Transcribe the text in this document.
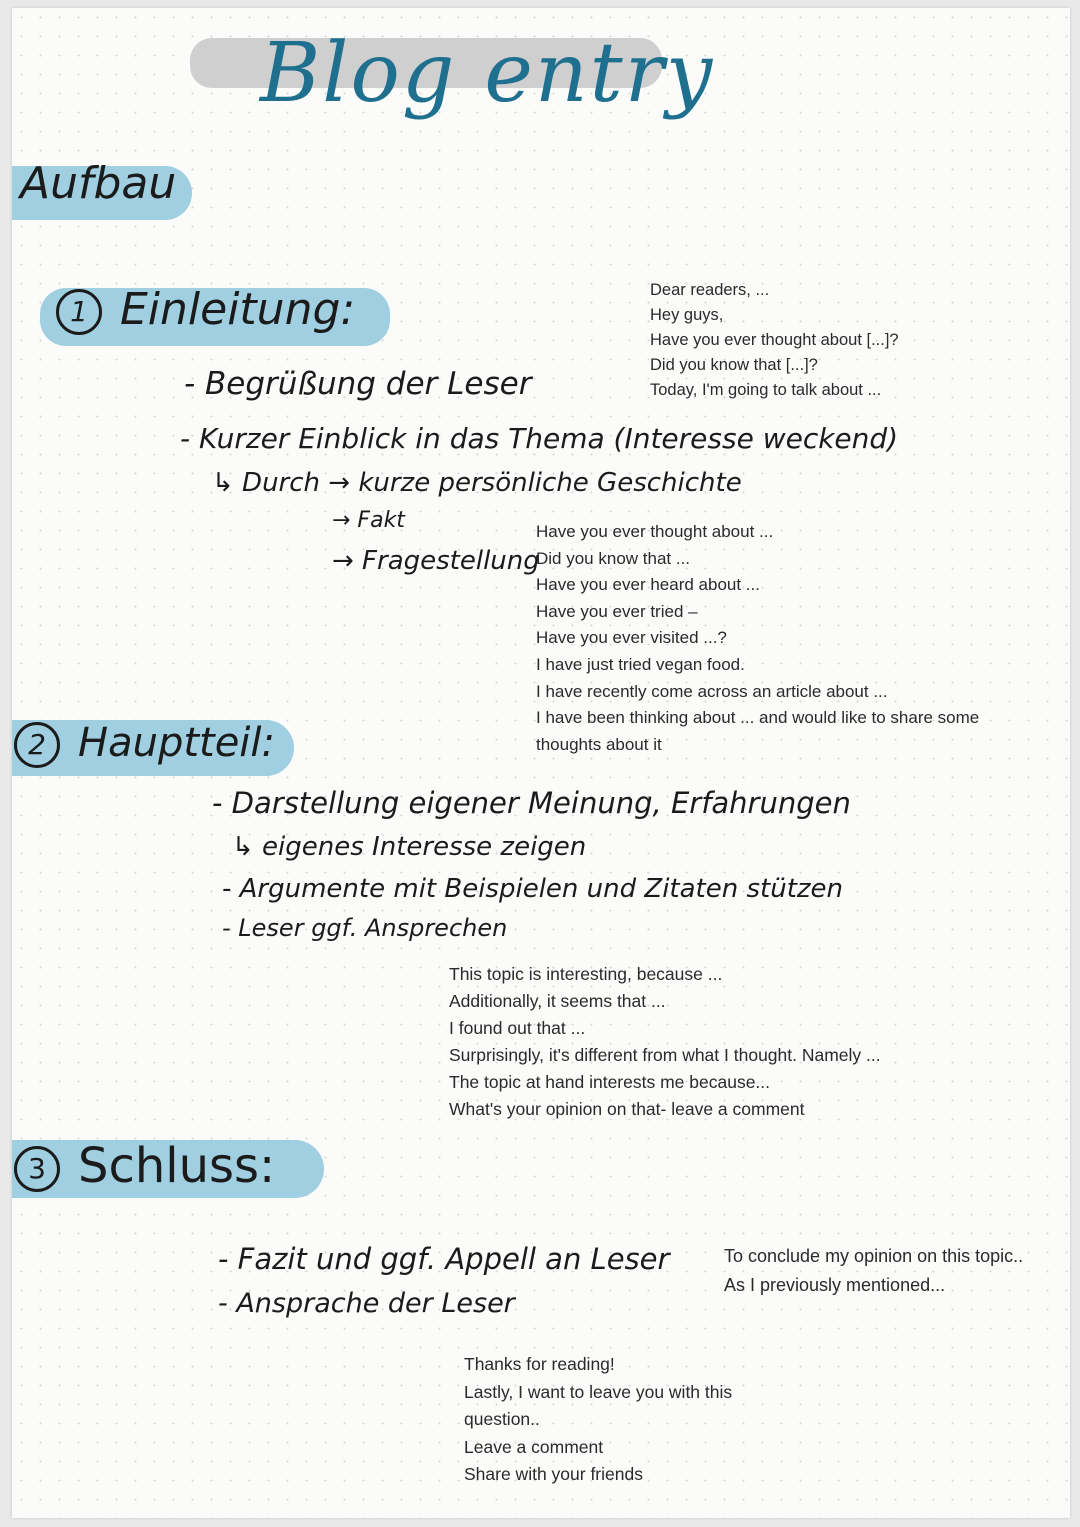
Blog entry
Aufbau
1 Einleitung:
- Begrüßung der Leser
- Kurzer Einblick in das Thema (Interesse weckend)
↳ Durch → kurze persönliche Geschichte
→ Fakt
→ Fragestellung
Dear readers, ...
Hey guys,
Have you ever thought about [...]?
Did you know that [...]?
Today, I'm going to talk about ...
Have you ever thought about ...
Did you know that ...
Have you ever heard about ...
Have you ever tried –
Have you ever visited ...?
I have just tried vegan food.
I have recently come across an article about ...
I have been thinking about ... and would like to share some
thoughts about it
2 Hauptteil:
- Darstellung eigener Meinung, Erfahrungen
↳ eigenes Interesse zeigen
- Argumente mit Beispielen und Zitaten stützen
- Leser ggf. Ansprechen
This topic is interesting, because ...
Additionally, it seems that ...
I found out that ...
Surprisingly, it's different from what I thought. Namely ...
The topic at hand interests me because...
What's your opinion on that- leave a comment
3 Schluss:
- Fazit und ggf. Appell an Leser
- Ansprache der Leser
To conclude my opinion on this topic..
As I previously mentioned...
Thanks for reading!
Lastly, I want to leave you with this
question..
Leave a comment
Share with your friends
